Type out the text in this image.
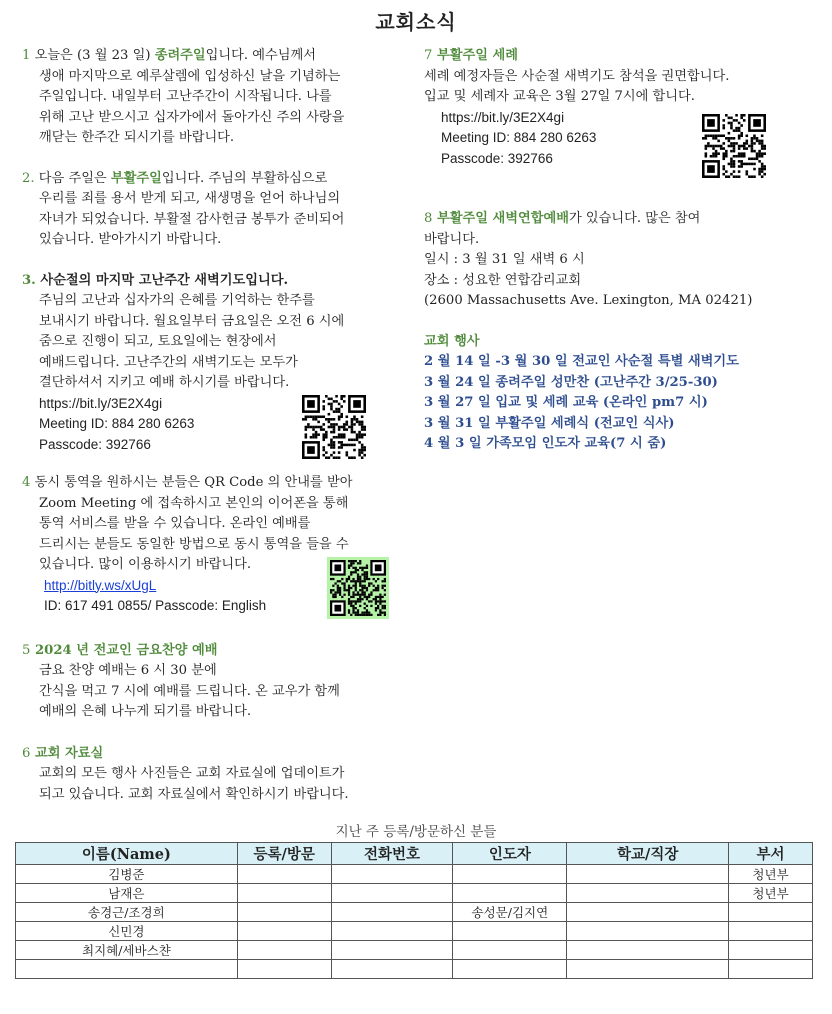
교회소식
1 오늘은 (3 월 23 일) 종려주일입니다. 예수님께서
생애 마지막으로 예루살렘에 입성하신 날을 기념하는
주일입니다. 내일부터 고난주간이 시작됩니다. 나를
위해 고난 받으시고 십자가에서 돌아가신 주의 사랑을
깨닫는 한주간 되시기를 바랍니다.
2. 다음 주일은 부활주일입니다. 주님의 부활하심으로
우리를 죄를 용서 받게 되고, 새생명을 얻어 하나님의
자녀가 되었습니다. 부활절 감사헌금 봉투가 준비되어
있습니다. 받아가시기 바랍니다.
3. 사순절의 마지막 고난주간 새벽기도입니다.
주님의 고난과 십자가의 은혜를 기억하는 한주를
보내시기 바랍니다. 월요일부터 금요일은 오전 6 시에
줌으로 진행이 되고, 토요일에는 현장에서
예배드립니다. 고난주간의 새벽기도는 모두가
결단하셔서 지키고 예배 하시기를 바랍니다.
https://bit.ly/3E2X4gi
Meeting ID: 884 280 6263
Passcode: 392766
4 동시 통역을 원하시는 분들은 QR Code 의 안내를 받아
Zoom Meeting 에 접속하시고 본인의 이어폰을 통해
통역 서비스를 받을 수 있습니다. 온라인 예배를
드리시는 분들도 동일한 방법으로 동시 통역을 들을 수
있습니다. 많이 이용하시기 바랍니다.
http://bitly.ws/xUgL
ID: 617 491 0855/ Passcode: English
5 2024 년 전교인 금요찬양 예배
금요 찬양 예배는 6 시 30 분에
간식을 먹고 7 시에 예배를 드립니다. 온 교우가 함께
예배의 은혜 나누게 되기를 바랍니다.
6 교회 자료실
교회의 모든 행사 사진들은 교회 자료실에 업데이트가
되고 있습니다. 교회 자료실에서 확인하시기 바랍니다.
7 부활주일 세례
세례 예정자들은 사순절 새벽기도 참석을 권면합니다.
입교 및 세례자 교육은 3월 27일 7시에 합니다.
https://bit.ly/3E2X4gi
Meeting ID: 884 280 6263
Passcode: 392766
8 부활주일 새벽연합예배가 있습니다. 많은 참여
바랍니다.
일시 : 3 월 31 일 새벽 6 시
장소 : 성요한 연합감리교회
(2600 Massachusetts Ave. Lexington, MA 02421)
교회 행사
2 월 14 일 -3 월 30 일 전교인 사순절 특별 새벽기도
3 월 24 일 종려주일 성만찬 (고난주간 3/25-30)
3 월 27 일 입교 및 세례 교육 (온라인 pm7 시)
3 월 31 일 부활주일 세례식 (전교인 식사)
4 월 3 일 가족모임 인도자 교육(7 시 줌)
지난 주 등록/방문하신 분들
이름(Name)	등록/방문	전화번호	인도자	학교/직장	부서
김병준					청년부
남재은					청년부
송경근/조경희			송성문/김지연		
신민경					
최지혜/세바스챤					
